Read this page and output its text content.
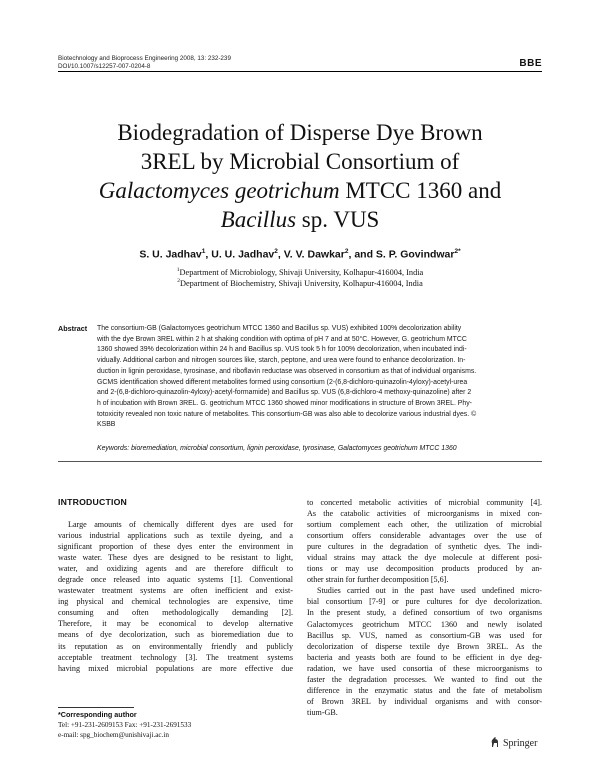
Biotechnology and Bioprocess Engineering 2008, 13: 232-239
DOI/10.1007/s12257-007-0204-8	BBE
Biodegradation of Disperse Dye Brown
3REL by Microbial Consortium of
Galactomyces geotrichum MTCC 1360 and
Bacillus sp. VUS
S. U. Jadhav$^1$, U. U. Jadhav$^2$, V. V. Dawkar$^2$, and S. P. Govindwar$^{2*}$
$^1$Department of Microbiology, Shivaji University, Kolhapur-416004, India
$^2$Department of Biochemistry, Shivaji University, Kolhapur-416004, India
Abstract The consortium-GB (Galactomyces geotrichum MTCC 1360 and Bacillus sp. VUS) exhibited 100% decolorization ability
with the dye Brown 3REL within 2 h at shaking condition with optima of pH 7 and at 50°C. However, G. geotrichum MTCC
1360 showed 39% decolorization within 24 h and Bacillus sp. VUS took 5 h for 100% decolorization, when incubated indi-
vidually. Additional carbon and nitrogen sources like, starch, peptone, and urea were found to enhance decolorization. In-
duction in lignin peroxidase, tyrosinase, and riboflavin reductase was observed in consortium as that of individual organisms.
GCMS identification showed different metabolites formed using consortium (2-(6,8-dichloro-quinazolin-4yloxy)-acetyl-urea
and 2-(6,8-dichloro-quinazolin-4yloxy)-acetyl-formamide) and Bacillus sp. VUS (6,8-dichloro-4 methoxy-quinazoline) after 2
h of incubation with Brown 3REL. G. geotrichum MTCC 1360 showed minor modifications in structure of Brown 3REL. Phy-
totoxicity revealed non toxic nature of metabolites. This consortium-GB was also able to decolorize various industrial dyes. ©
KSBB
Keywords: bioremediation, microbial consortium, lignin peroxidase, tyrosinase, Galactomyces geotrichum MTCC 1360
INTRODUCTION
Large amounts of chemically different dyes are used for
various industrial applications such as textile dyeing, and a
significant proportion of these dyes enter the environment in
waste water. These dyes are designed to be resistant to light,
water, and oxidizing agents and are therefore difficult to
degrade once released into aquatic systems [1]. Conventional
wastewater treatment systems are often inefficient and exist-
ing physical and chemical technologies are expensive, time
consuming and often methodologically demanding [2].
Therefore, it may be economical to develop alternative
means of dye decolorization, such as bioremediation due to
its reputation as on environmentally friendly and publicly
acceptable treatment technology [3]. The treatment systems
having mixed microbial populations are more effective due
to concerted metabolic activities of microbial community [4].
As the catabolic activities of microorganisms in mixed con-
sortium complement each other, the utilization of microbial
consortium offers considerable advantages over the use of
pure cultures in the degradation of synthetic dyes. The indi-
vidual strains may attack the dye molecule at different posi-
tions or may use decomposition products produced by an-
other strain for further decomposition [5,6].
Studies carried out in the past have used undefined micro-
bial consortium [7-9] or pure cultures for dye decolorization.
In the present study, a defined consortium of two organisms
Galactomyces geotrichum MTCC 1360 and newly isolated
Bacillus sp. VUS, named as consortium-GB was used for
decolorization of disperse textile dye Brown 3REL. As the
bacteria and yeasts both are found to be efficient in dye deg-
radation, we have used consortia of these microorganisms to
faster the degradation processes. We wanted to find out the
difference in the enzymatic status and the fate of metabolism
of Brown 3REL by individual organisms and with consor-
tium-GB.
*Corresponding author
Tel: +91-231-2609153 Fax: +91-231-2691533
e-mail: spg_biochem@unishivaji.ac.in
Springer
